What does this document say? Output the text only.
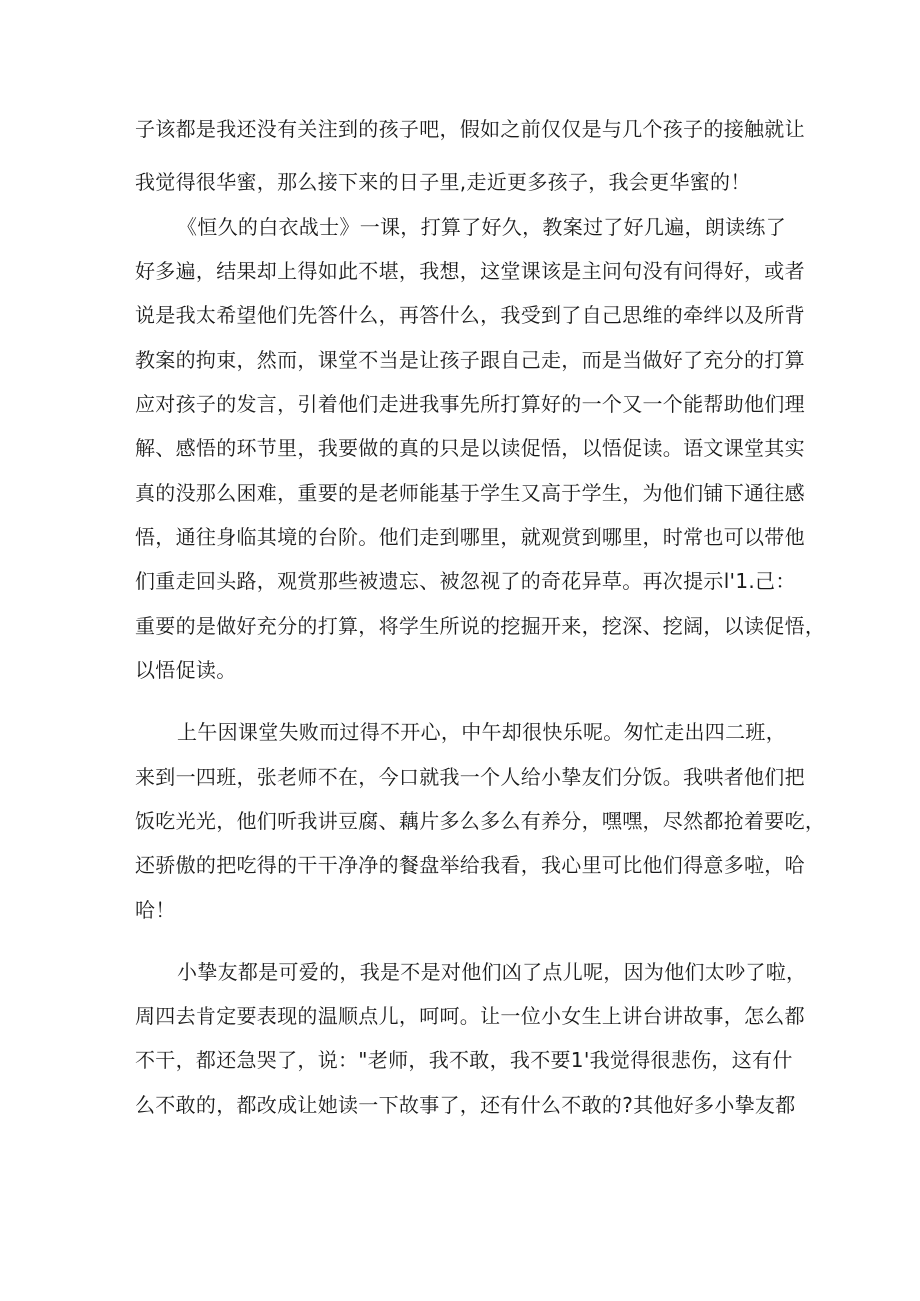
子该都是我还没有关注到的孩子吧，假如之前仅仅是与几个孩子的接触就让
我觉得很华蜜，那么接下来的日子里,走近更多孩子，我会更华蜜的！
《恒久的白衣战士》一课，打算了好久，教案过了好几遍，朗读练了
好多遍，结果却上得如此不堪，我想，这堂课该是主问句没有问得好，或者
说是我太希望他们先答什么，再答什么，我受到了自己思维的牵绊以及所背
教案的拘束，然而，课堂不当是让孩子跟自己走，而是当做好了充分的打算
应对孩子的发言，引着他们走进我事先所打算好的一个又一个能帮助他们理
解、感悟的环节里，我要做的真的只是以读促悟，以悟促读。语文课堂其实
真的没那么困难，重要的是老师能基于学生又高于学生，为他们铺下通往感
悟，通往身临其境的台阶。他们走到哪里，就观赏到哪里，时常也可以带他
们重走回头路，观赏那些被遗忘、被忽视了的奇花异草。再次提示l'1.己：
重要的是做好充分的打算，将学生所说的挖掘开来，挖深、挖阔，以读促悟，
以悟促读。
上午因课堂失败而过得不开心，中午却很快乐呢。匆忙走出四二班，
来到一四班，张老师不在，今口就我一个人给小挚友们分饭。我哄者他们把
饭吃光光，他们听我讲豆腐、藕片多么多么有养分，嘿嘿，尽然都抢着要吃，
还骄傲的把吃得的干干净净的餐盘举给我看，我心里可比他们得意多啦，哈
哈！
小挚友都是可爱的，我是不是对他们凶了点儿呢，因为他们太吵了啦，
周四去肯定要表现的温顺点儿，呵呵。让一位小女生上讲台讲故事，怎么都
不干，都还急哭了，说："老师，我不敢，我不要1'我觉得很悲伤，这有什
么不敢的，都改成让她读一下故事了，还有什么不敢的?其他好多小挚友都
